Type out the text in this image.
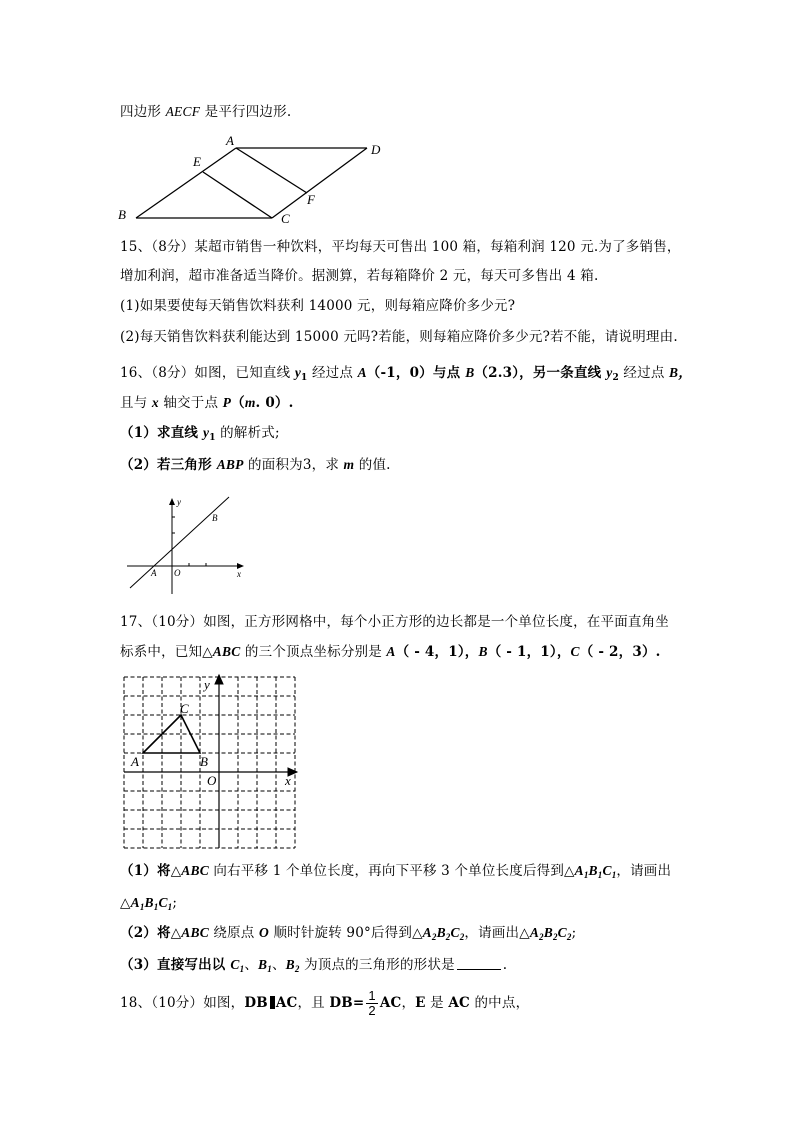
四边形 AECF 是平行四边形.
A
D
E
B	C
F
15、（8分）某超市销售一种饮料，平均每天可售出 100 箱，每箱利润 120 元.为了多销售，
增加利润，超市准备适当降价。据测算，若每箱降价 2 元，每天可多售出 4 箱.
(1)如果要使每天销售饮料获利 14000 元，则每箱应降价多少元?
(2)每天销售饮料获利能达到 15000 元吗?若能，则每箱应降价多少元?若不能，请说明理由.
16、（8分）如图，已知直线 $y_1$ 经过点 A（-1，0）与点 B（2.3），另一条直线 $y_2$ 经过点 B，
且与 x 轴交于点 P（m. 0）.
（1）求直线 $y_1$ 的解析式;
（2）若三角形 ABP 的面积为3，求 m 的值.
y
x
O
A
B
17、（10分）如图，正方形网格中，每个小正方形的边长都是一个单位长度，在平面直角坐
标系中，已知△ABC 的三个顶点坐标分别是 A（ - 4，1），B（ - 1，1），C（ - 2，3）.
y
x
O
A	B
C
（1）将△ABC 向右平移 1 个单位长度，再向下平移 3 个单位长度后得到$\triangle A_1B_1C_1$，请画出
$\triangle A_1B_1C_1$;
（2）将△ABC 绕原点 O 顺时针旋转 90°后得到$\triangle A_2B_2C_2$，请画出$\triangle A_2B_2C_2$;
（3）直接写出以 $C_1$、$B_1$、$B_2$ 为顶点的三角形的形状是	.
18、（10分）如图，DB AC，且 $DB= \frac{1}{2}$ AC，E 是 AC 的中点，
